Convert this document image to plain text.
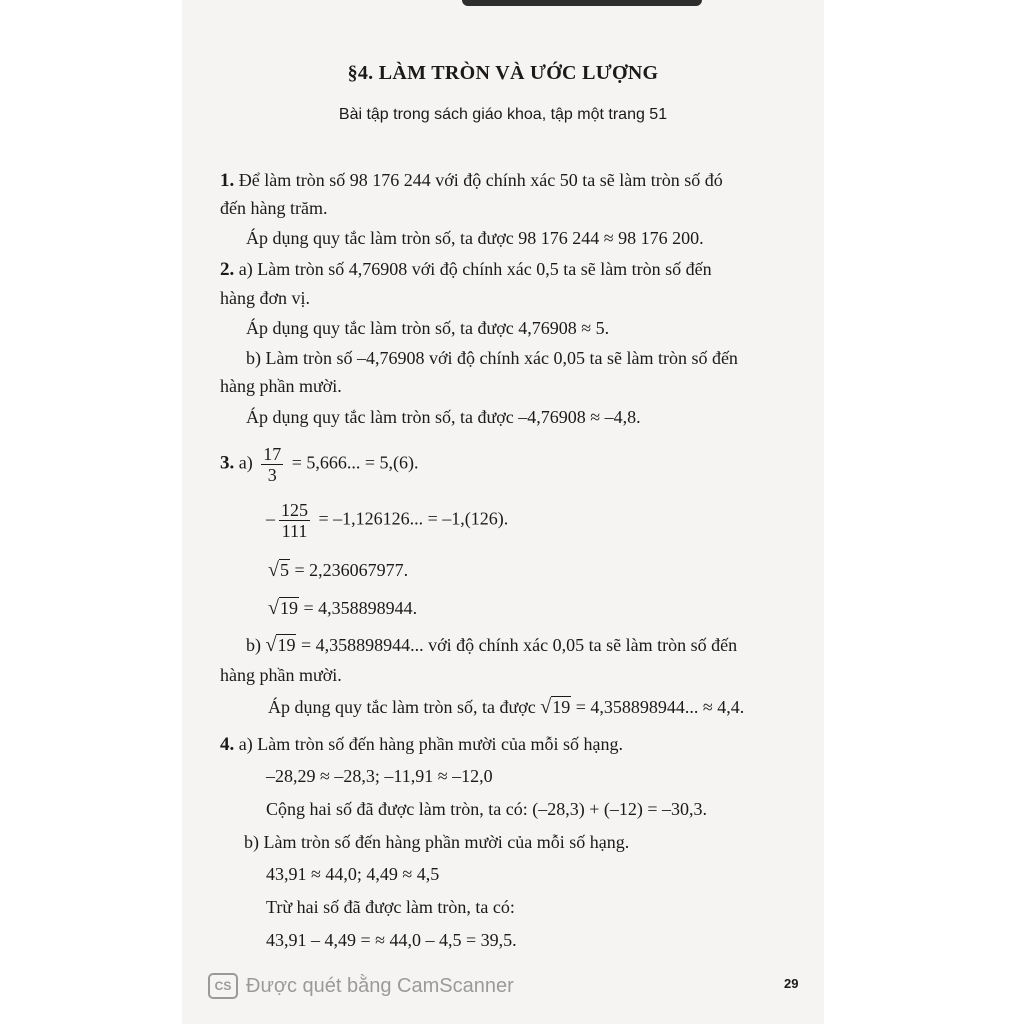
§4. LÀM TRÒN VÀ ƯỚC LƯỢNG
Bài tập trong sách giáo khoa, tập một trang 51
1. Để làm tròn số 98 176 244 với độ chính xác 50 ta sẽ làm tròn số đó
đến hàng trăm.
Áp dụng quy tắc làm tròn số, ta được 98 176 244 ≈ 98 176 200.
2. a) Làm tròn số 4,76908 với độ chính xác 0,5 ta sẽ làm tròn số đến
hàng đơn vị.
Áp dụng quy tắc làm tròn số, ta được 4,76908 ≈ 5.
b) Làm tròn số –4,76908 với độ chính xác 0,05 ta sẽ làm tròn số đến
hàng phần mười.
Áp dụng quy tắc làm tròn số, ta được –4,76908 ≈ –4,8.
3. $a) \frac{17}{3} = 5,666$... = 5,(6).
– $\frac{125}{111} = -1,126126$... = –1,(126).
√5 = 2,236067977.
√19 = 4,358898944.
b) √19 = 4,358898944... với độ chính xác 0,05 ta sẽ làm tròn số đến
hàng phần mười.
Áp dụng quy tắc làm tròn số, ta được √19 = 4,358898944... ≈ 4,4.
4. a) Làm tròn số đến hàng phần mười của mỗi số hạng.
–28,29 ≈ –28,3; –11,91 ≈ –12,0
Cộng hai số đã được làm tròn, ta có: (–28,3) + (–12) = –30,3.
b) Làm tròn số đến hàng phần mười của mỗi số hạng.
43,91 ≈ 44,0; 4,49 ≈ 4,5
Trừ hai số đã được làm tròn, ta có:
43,91 – 4,49 = ≈ 44,0 – 4,5 = 39,5.
CS Được quét bằng CamScanner	29
